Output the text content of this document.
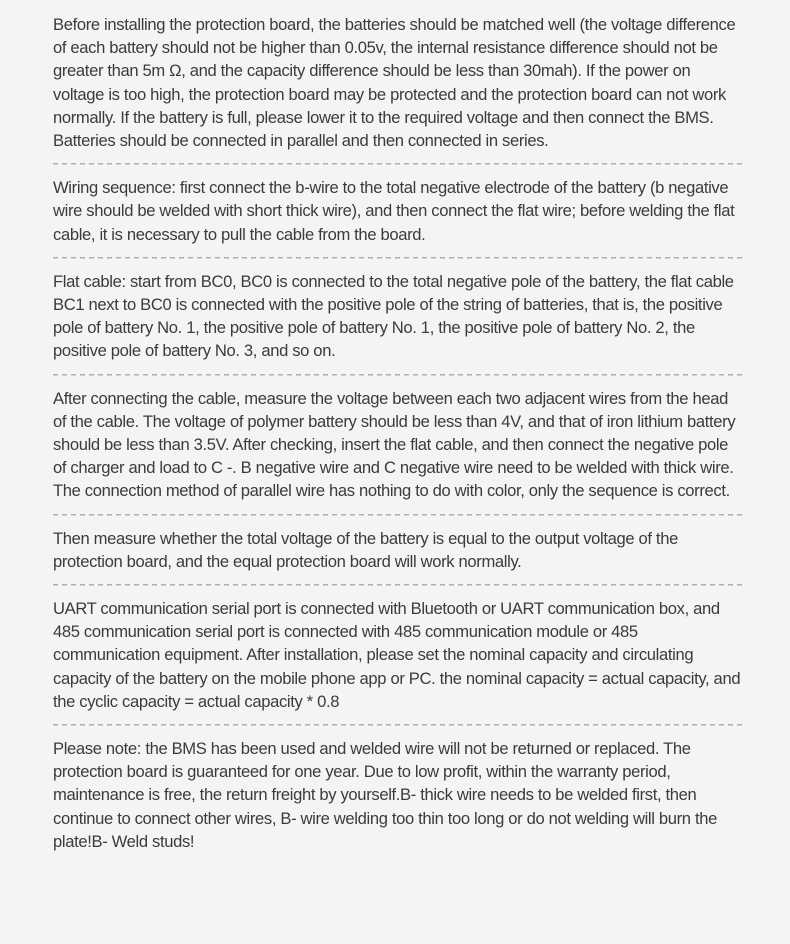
Before installing the protection board, the batteries should be matched well (the voltage difference of each battery should not be higher than 0.05v, the internal resistance difference should not be greater than 5m Ω, and the capacity difference should be less than 30mah). If the power on voltage is too high, the protection board may be protected and the protection board can not work normally. If the battery is full, please lower it to the required voltage and then connect the BMS. Batteries should be connected in parallel and then connected in series.

Wiring sequence: first connect the b-wire to the total negative electrode of the battery (b negative wire should be welded with short thick wire), and then connect the flat wire; before welding the flat cable, it is necessary to pull the cable from the board.

Flat cable: start from BC0, BC0 is connected to the total negative pole of the battery, the flat cable BC1 next to BC0 is connected with the positive pole of the string of batteries, that is, the positive pole of battery No. 1, the positive pole of battery No. 1, the positive pole of battery No. 2, the positive pole of battery No. 3, and so on.

After connecting the cable, measure the voltage between each two adjacent wires from the head of the cable. The voltage of polymer battery should be less than 4V, and that of iron lithium battery should be less than 3.5V. After checking, insert the flat cable, and then connect the negative pole of charger and load to C -. B negative wire and C negative wire need to be welded with thick wire. The connection method of parallel wire has nothing to do with color, only the sequence is correct.

Then measure whether the total voltage of the battery is equal to the output voltage of the protection board, and the equal protection board will work normally.

UART communication serial port is connected with Bluetooth or UART communication box, and 485 communication serial port is connected with 485 communication module or 485 communication equipment. After installation, please set the nominal capacity and circulating capacity of the battery on the mobile phone app or PC. the nominal capacity = actual capacity, and the cyclic capacity = actual capacity * 0.8

Please note: the BMS has been used and welded wire will not be returned or replaced. The protection board is guaranteed for one year. Due to low profit, within the warranty period, maintenance is free, the return freight by yourself.B- thick wire needs to be welded first, then continue to connect other wires, B- wire welding too thin too long or do not welding will burn the plate!B- Weld studs!
